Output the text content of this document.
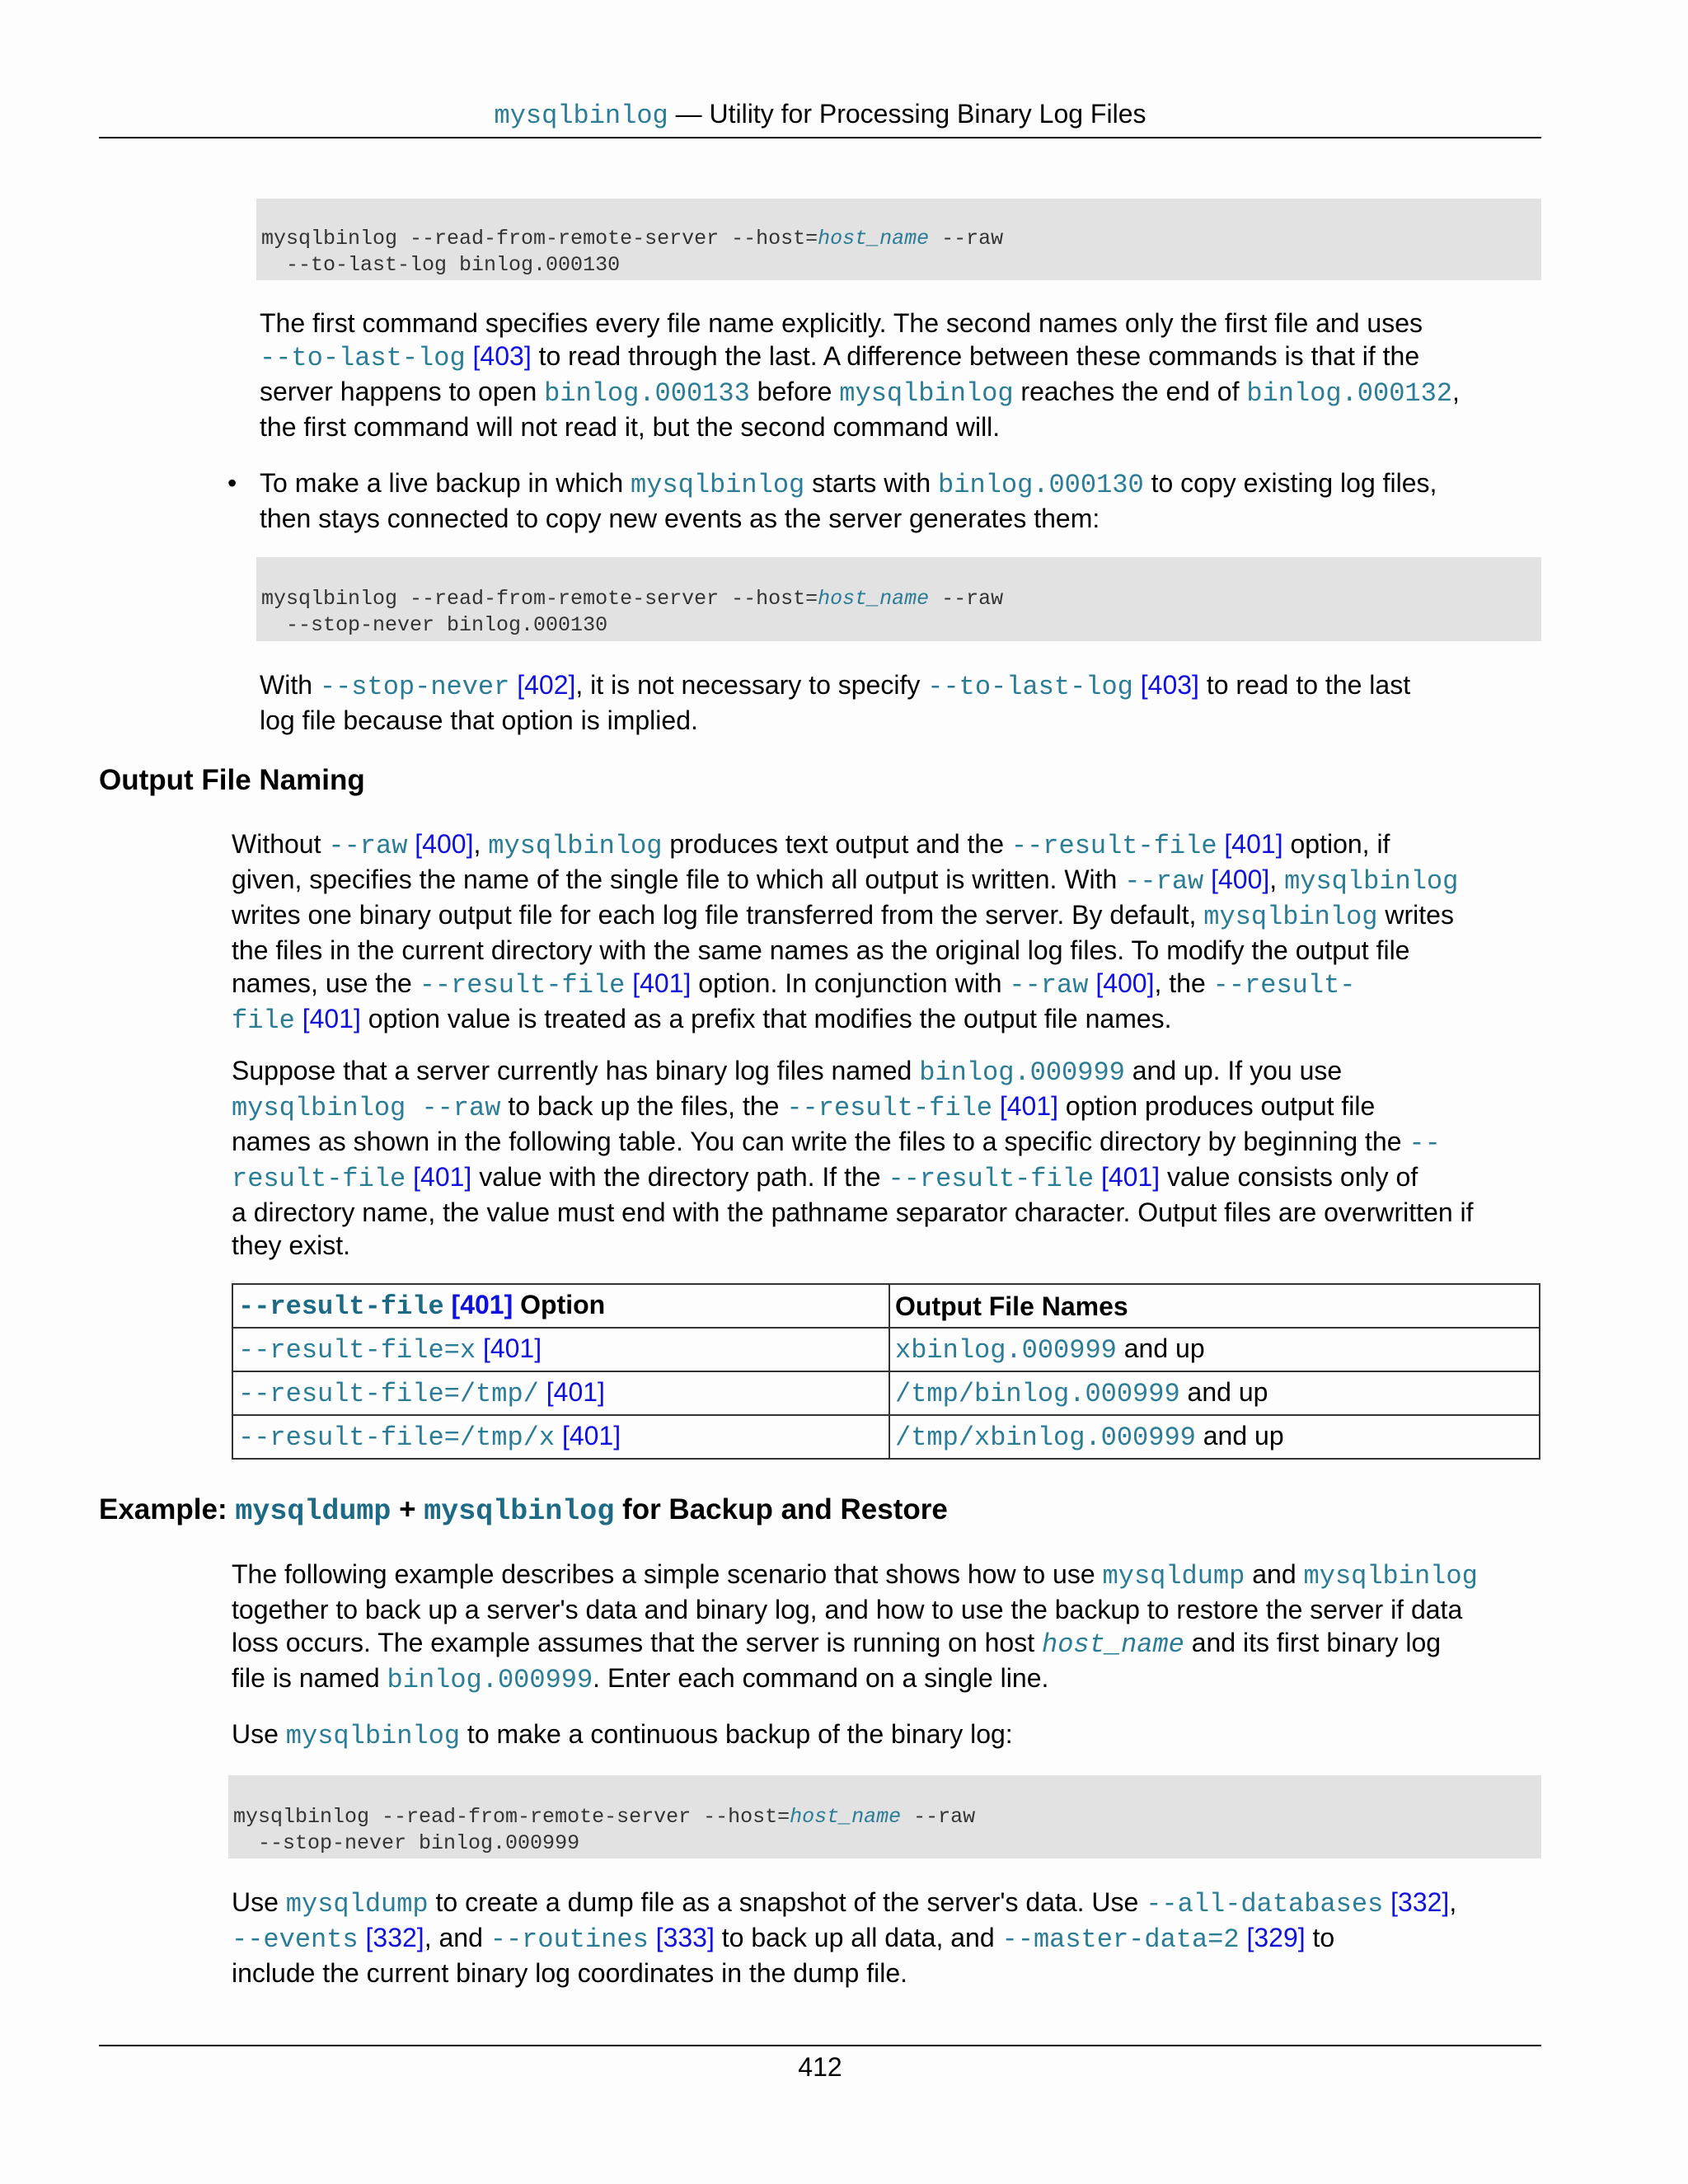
mysqlbinlog — Utility for Processing Binary Log Files

mysqlbinlog --read-from-remote-server --host=host_name --raw

--to-last-log binlog.000130

The first command specifies every file name explicitly. The second names only the first file and uses
--to-last-log [403] to read through the last. A difference between these commands is that if the
server happens to open binlog.000133 before mysqlbinlog reaches the end of binlog.000132,
the first command will not read it, but the second command will.
• To make a live backup in which mysqlbinlog starts with binlog.000130 to copy existing log files,
then stays connected to copy new events as the server generates them:

mysqlbinlog --read-from-remote-server --host=host_name --raw

--stop-never binlog.000130

With --stop-never [402], it is not necessary to specify --to-last-log [403] to read to the last
log file because that option is implied.
Output File Naming
Without --raw [400], mysqlbinlog produces text output and the --result-file [401] option, if
given, specifies the name of the single file to which all output is written. With --raw [400], mysqlbinlog
writes one binary output file for each log file transferred from the server. By default, mysqlbinlog writes
the files in the current directory with the same names as the original log files. To modify the output file
names, use the --result-file [401] option. In conjunction with --raw [400], the --result-
file [401] option value is treated as a prefix that modifies the output file names.
Suppose that a server currently has binary log files named binlog.000999 and up. If you use
mysqlbinlog --raw to back up the files, the --result-file [401] option produces output file
names as shown in the following table. You can write the files to a specific directory by beginning the --
result-file [401] value with the directory path. If the --result-file [401] value consists only of
a directory name, the value must end with the pathname separator character. Output files are overwritten if
they exist.
--result-file [401] Option	Output File Names
--result-file=x [401]	xbinlog.000999 and up
--result-file=/tmp/ [401]	/tmp/binlog.000999 and up
--result-file=/tmp/x [401]	/tmp/xbinlog.000999 and up
Example: mysqldump + mysqlbinlog for Backup and Restore
The following example describes a simple scenario that shows how to use mysqldump and mysqlbinlog
together to back up a server's data and binary log, and how to use the backup to restore the server if data
loss occurs. The example assumes that the server is running on host host_name and its first binary log
file is named binlog.000999. Enter each command on a single line.
Use mysqlbinlog to make a continuous backup of the binary log:

mysqlbinlog --read-from-remote-server --host=host_name --raw

--stop-never binlog.000999

Use mysqldump to create a dump file as a snapshot of the server's data. Use --all-databases [332],
--events [332], and --routines [333] to back up all data, and --master-data=2 [329] to
include the current binary log coordinates in the dump file.
412
